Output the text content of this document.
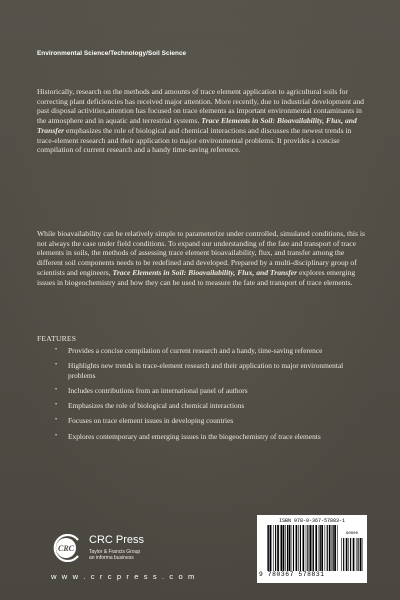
Environmental Science/Technology/Soil Science

Historically, research on the methods and amounts of trace element application to agricultural soils for correcting plant deficiencies has received major attention. More recently, due to industrial development and past disposal activities,attention has focused on trace elements as important environmental contaminants in the atmosphere and in aquatic and terrestrial systems. Trace Elements in Soil: Bioavailability, Flux, and Transfer emphasizes the role of biological and chemical interactions and discusses the newest trends in trace-element research and their application to major environmental problems. It provides a concise compilation of current research and a handy time-saving reference.

While bioavailability can be relatively simple to parameterize under controlled, simulated conditions, this is not always the case under field conditions. To expand our understanding of the fate and transport of trace elements in soils, the methods of assessing trace element bioavailability, flux, and transfer among the different soil components needs to be redefined and developed. Prepared by a multi-disciplinary group of scientists and engineers, Trace Elements in Soil: Bioavailability, Flux, and Transfer explores emerging issues in biogeochemistry and how they can be used to measure the fate and transport of trace elements.

FEATURES
• Provides a concise compilation of current research and a handy, time-saving reference
• Highlights new trends in trace-element research and their application to major environmental problems
• Includes contributions from an international panel of authors
• Emphasizes the role of biological and chemical interactions
• Focuses on trace element issues in developing countries
• Explores contemporary and emerging issues in the biogeochemistry of trace elements
CRC
CRC Press
Taylor & Francis Group
an informa business
w w w . c r c p r e s s . c o m
ISBN 978-0-367-57883-1
90000
9 780367 578831
